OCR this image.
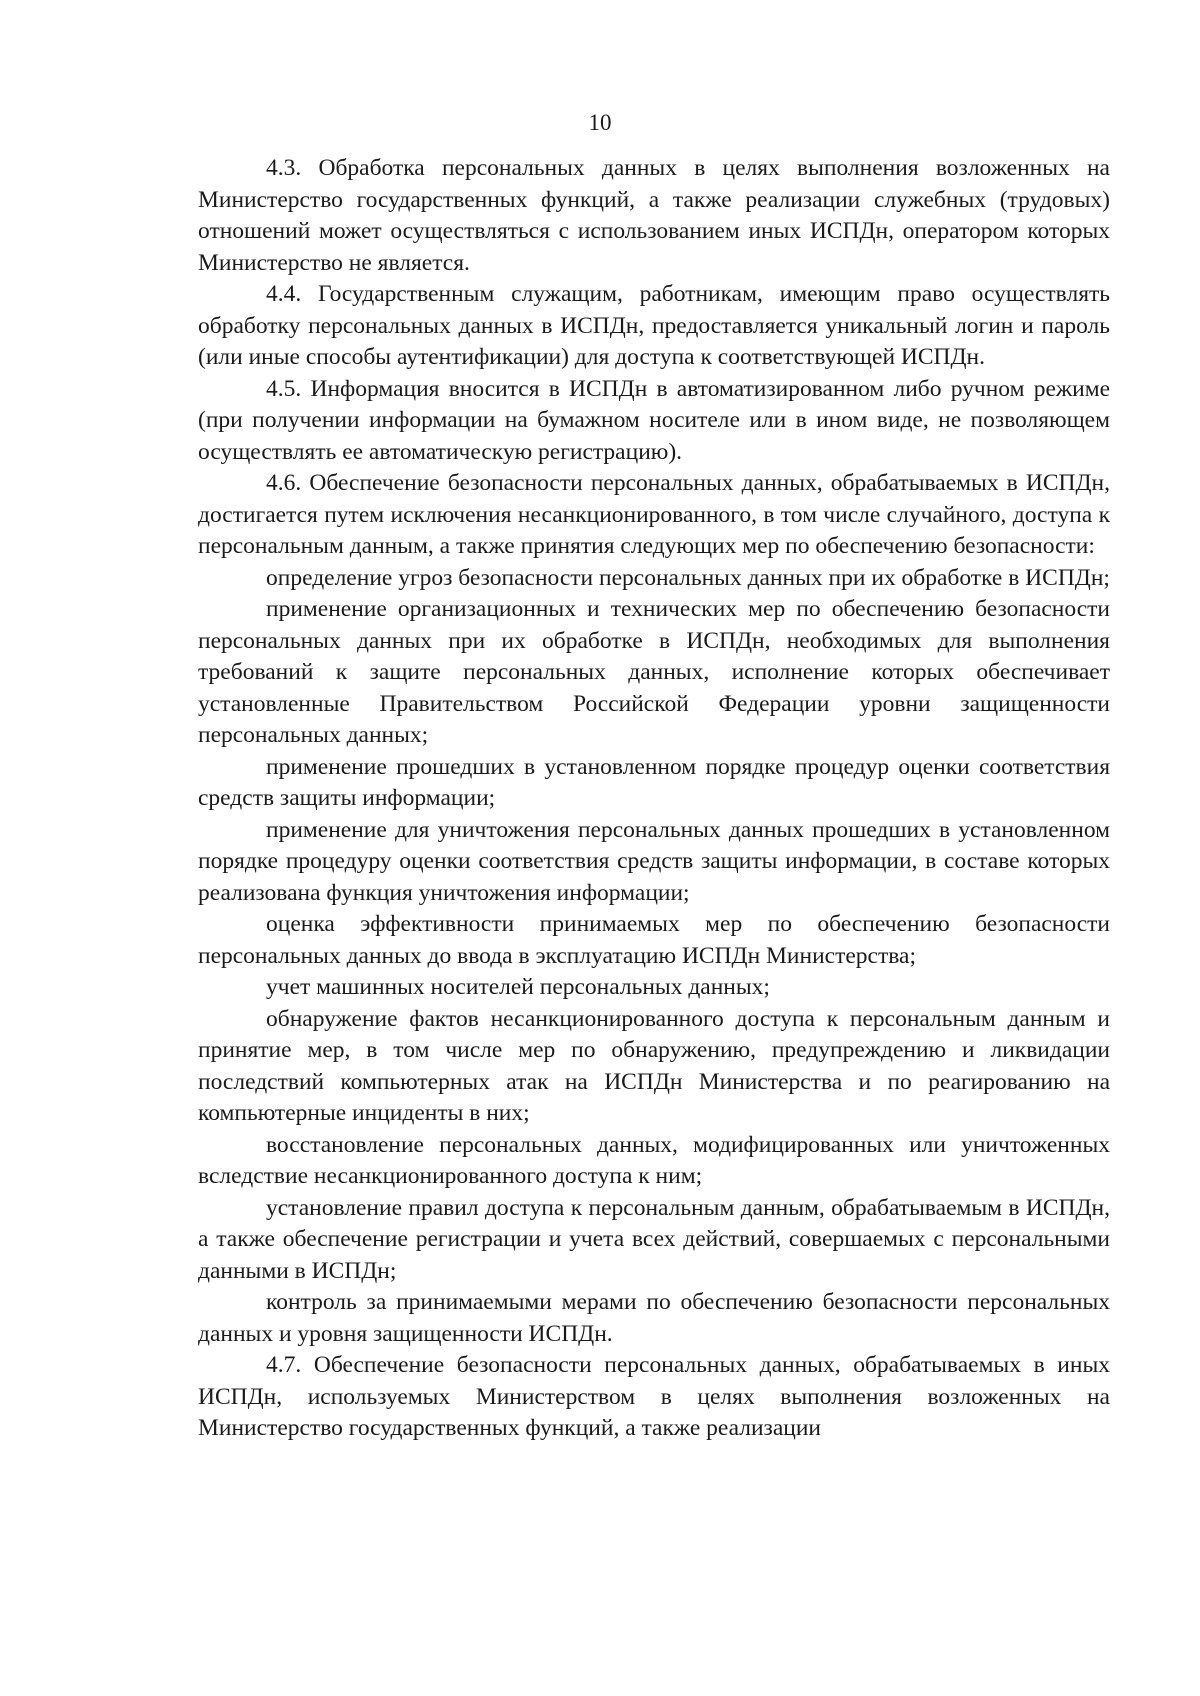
10

4.3. Обработка персональных данных в целях выполнения возложенных на Министерство государственных функций, а также реализации служебных (трудовых) отношений может осуществляться с использованием иных ИСПДн, оператором которых Министерство не является.

4.4. Государственным служащим, работникам, имеющим право осуществлять обработку персональных данных в ИСПДн, предоставляется уникальный логин и пароль (или иные способы аутентификации) для доступа к соответствующей ИСПДн.

4.5. Информация вносится в ИСПДн в автоматизированном либо ручном режиме (при получении информации на бумажном носителе или в ином виде, не позволяющем осуществлять ее автоматическую регистрацию).

4.6. Обеспечение безопасности персональных данных, обрабатываемых в ИСПДн, достигается путем исключения несанкционированного, в том числе случайного, доступа к персональным данным, а также принятия следующих мер по обеспечению безопасности:

определение угроз безопасности персональных данных при их обработке в ИСПДн;

применение организационных и технических мер по обеспечению безопасности персональных данных при их обработке в ИСПДн, необходимых для выполнения требований к защите персональных данных, исполнение которых обеспечивает установленные Правительством Российской Федерации уровни защищенности персональных данных;

применение прошедших в установленном порядке процедур оценки соответствия средств защиты информации;

применение для уничтожения персональных данных прошедших в установленном порядке процедуру оценки соответствия средств защиты информации, в составе которых реализована функция уничтожения информации;

оценка эффективности принимаемых мер по обеспечению безопасности персональных данных до ввода в эксплуатацию ИСПДн Министерства;

учет машинных носителей персональных данных;

обнаружение фактов несанкционированного доступа к персональным данным и принятие мер, в том числе мер по обнаружению, предупреждению и ликвидации последствий компьютерных атак на ИСПДн Министерства и по реагированию на компьютерные инциденты в них;

восстановление персональных данных, модифицированных или уничтоженных вследствие несанкционированного доступа к ним;

установление правил доступа к персональным данным, обрабатываемым в ИСПДн, а также обеспечение регистрации и учета всех действий, совершаемых с персональными данными в ИСПДн;

контроль за принимаемыми мерами по обеспечению безопасности персональных данных и уровня защищенности ИСПДн.

4.7. Обеспечение безопасности персональных данных, обрабатываемых в иных ИСПДн, используемых Министерством в целях выполнения возложенных на Министерство государственных функций, а также реализации
